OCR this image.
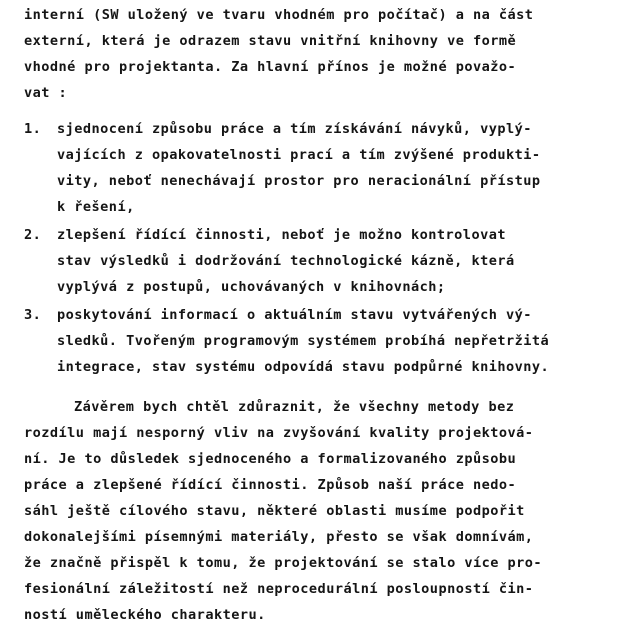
interní (SW uložený ve tvaru vhodném pro počítač) a na část

externí, která je odrazem stavu vnitřní knihovny ve formě

vhodné pro projektanta. Za hlavní přínos je možné považo-

vat :

1. sjednocení způsobu práce a tím získávání návyků, vyplý-

vajících z opakovatelnosti prací a tím zvýšené produkti-

vity, neboť nenechávají prostor pro neracionální přístup

k řešení,

2. zlepšení řídící činnosti, neboť je možno kontrolovat

stav výsledků i dodržování technologické kázně, která

vyplývá z postupů, uchovávaných v knihovnách;

3. poskytování informací o aktuálním stavu vytvářených vý-

sledků. Tvořeným programovým systémem probíhá nepřetržitá

integrace, stav systému odpovídá stavu podpůrné knihovny.

Závěrem bych chtěl zdůraznit, že všechny metody bez

rozdílu mají nesporný vliv na zvyšování kvality projektová-

ní. Je to důsledek sjednoceného a formalizovaného způsobu

práce a zlepšené řídící činnosti. Způsob naší práce nedo-

sáhl ještě cílového stavu, některé oblasti musíme podpořit

dokonalejšími písemnými materiály, přesto se však domnívám,

že značně přispěl k tomu, že projektování se stalo více pro-

fesionální záležitostí než neprocedurální posloupností čin-

ností uměleckého charakteru.
